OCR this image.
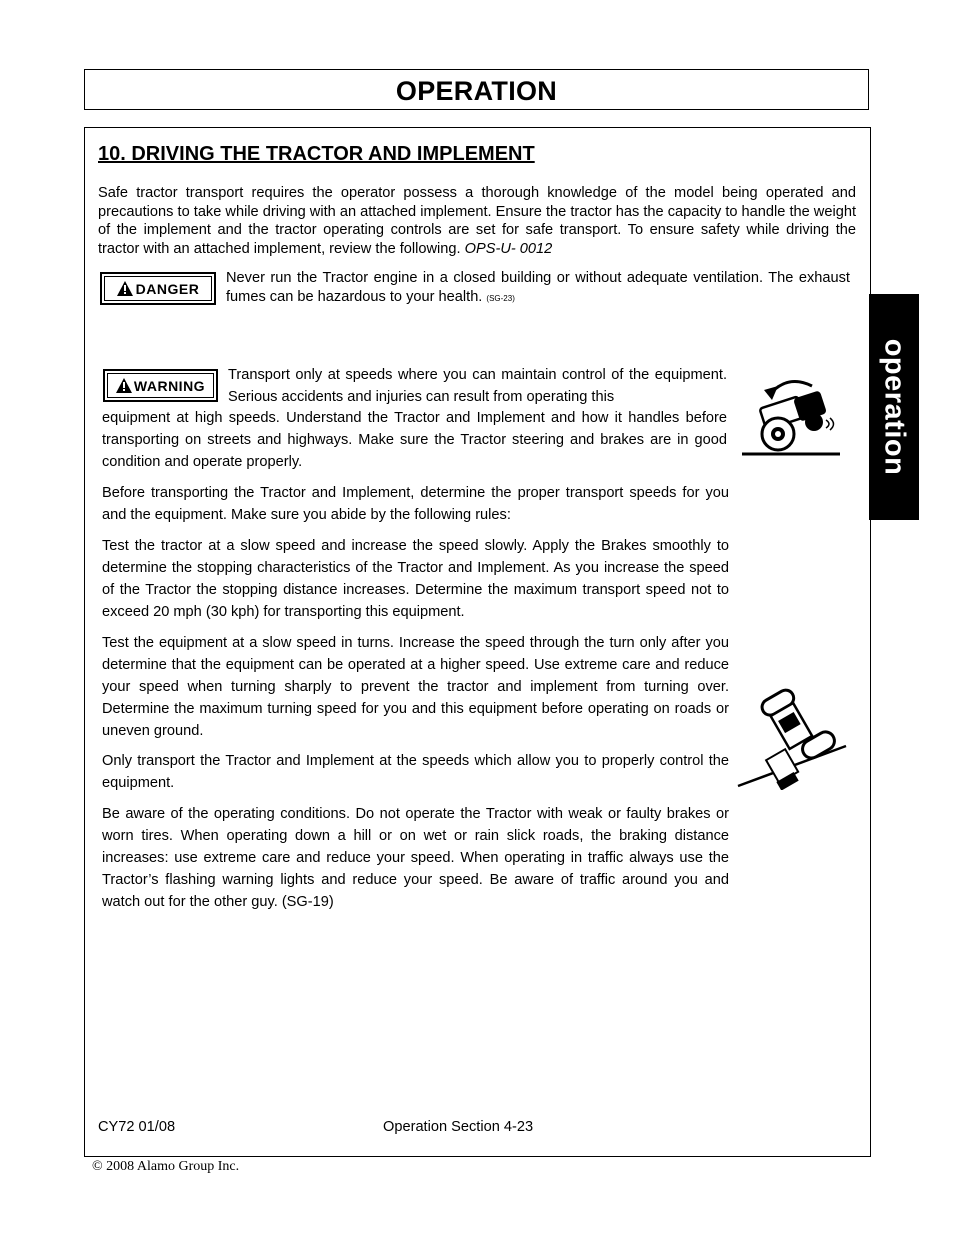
OPERATION
operation
10. DRIVING THE TRACTOR AND IMPLEMENT
Safe tractor transport requires the operator possess a thorough knowledge of the model being operated and precautions to take while driving with an attached implement. Ensure the tractor has the capacity to handle the weight of the implement and the tractor operating controls are set for safe transport. To ensure safety while driving the tractor with an attached implement, review the following. OPS-U- 0012
DANGER
Never run the Tractor engine in a closed building or without adequate ventilation. The exhaust fumes can be hazardous to your health. (SG-23)
WARNING
Transport only at speeds where you can maintain control of the equipment. Serious accidents and injuries can result from operating this
equipment at high speeds. Understand the Tractor and Implement and how it handles before transporting on streets and highways. Make sure the Tractor steering and brakes are in good condition and operate properly.
Before transporting the Tractor and Implement, determine the proper transport speeds for you and the equipment. Make sure you abide by the following rules:
Test the tractor at a slow speed and increase the speed slowly. Apply the Brakes smoothly to determine the stopping characteristics of the Tractor and Implement. As you increase the speed of the Tractor the stopping distance increases. Determine the maximum transport speed not to exceed 20 mph (30 kph) for transporting this equipment.
Test the equipment at a slow speed in turns. Increase the speed through the turn only after you determine that the equipment can be operated at a higher speed. Use extreme care and reduce your speed when turning sharply to prevent the tractor and implement from turning over. Determine the maximum turning speed for you and this equipment before operating on roads or uneven ground.
Only transport the Tractor and Implement at the speeds which allow you to properly control the equipment.
Be aware of the operating conditions. Do not operate the Tractor with weak or faulty brakes or worn tires. When operating down a hill or on wet or rain slick roads, the braking distance increases: use extreme care and reduce your speed. When operating in traffic always use the Tractor’s flashing warning lights and reduce your speed. Be aware of traffic around you and watch out for the other guy. (SG-19)
CY72 01/08	Operation Section 4-23
© 2008 Alamo Group Inc.
